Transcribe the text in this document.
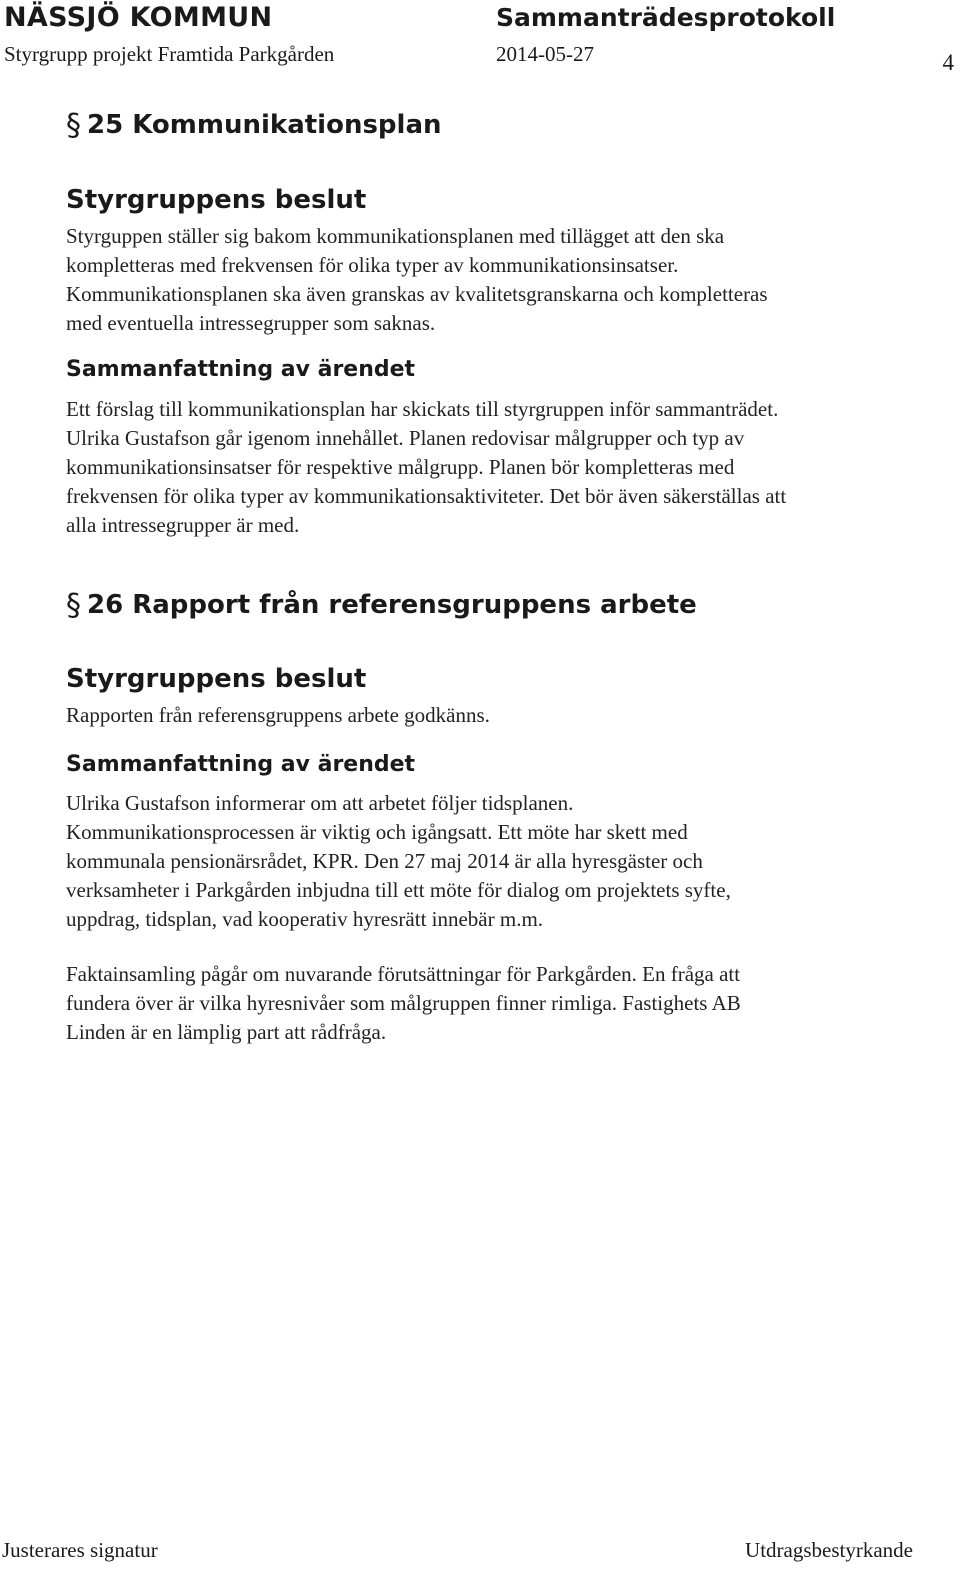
NÄSSJÖ KOMMUN	Sammanträdesprotokoll
Styrgrupp projekt Framtida Parkgården	2014-05-27	4
§ 25 Kommunikationsplan
Styrgruppens beslut
Styrguppen ställer sig bakom kommunikationsplanen med tillägget att den ska
kompletteras med frekvensen för olika typer av kommunikationsinsatser.
Kommunikationsplanen ska även granskas av kvalitetsgranskarna och kompletteras
med eventuella intressegrupper som saknas.
Sammanfattning av ärendet
Ett förslag till kommunikationsplan har skickats till styrgruppen inför sammanträdet.
Ulrika Gustafson går igenom innehållet. Planen redovisar målgrupper och typ av
kommunikationsinsatser för respektive målgrupp. Planen bör kompletteras med
frekvensen för olika typer av kommunikationsaktiviteter. Det bör även säkerställas att
alla intressegrupper är med.
§ 26 Rapport från referensgruppens arbete
Styrgruppens beslut
Rapporten från referensgruppens arbete godkänns.
Sammanfattning av ärendet
Ulrika Gustafson informerar om att arbetet följer tidsplanen.
Kommunikationsprocessen är viktig och igångsatt. Ett möte har skett med
kommunala pensionärsrådet, KPR. Den 27 maj 2014 är alla hyresgäster och
verksamheter i Parkgården inbjudna till ett möte för dialog om projektets syfte,
uppdrag, tidsplan, vad kooperativ hyresrätt innebär m.m.
Faktainsamling pågår om nuvarande förutsättningar för Parkgården. En fråga att
fundera över är vilka hyresnivåer som målgruppen finner rimliga. Fastighets AB
Linden är en lämplig part att rådfråga.
Justerares signatur	Utdragsbestyrkande
